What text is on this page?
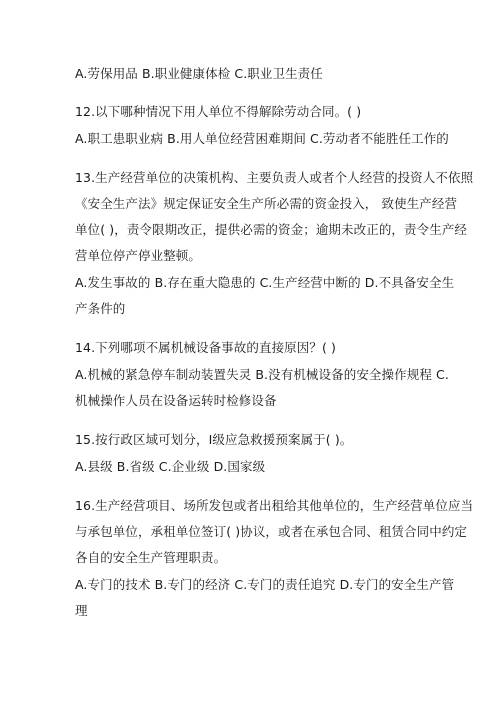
A.劳保用品 B.职业健康体检 C.职业卫生责任
12.以下哪种情况下用人单位不得解除劳动合同。( )
A.职工患职业病 B.用人单位经营困难期间 C.劳动者不能胜任工作的
13.生产经营单位的决策机构、主要负责人或者个人经营的投资人不依照
《安全生产法》规定保证安全生产所必需的资金投入， 致使生产经营
单位( )，责令限期改正，提供必需的资金；逾期未改正的，责令生产经
营单位停产停业整顿。
A.发生事故的 B.存在重大隐患的 C.生产经营中断的 D.不具备安全生
产条件的
14.下列哪项不属机械设备事故的直接原因？( )
A.机械的紧急停车制动装置失灵 B.没有机械设备的安全操作规程 C.
机械操作人员在设备运转时检修设备
15.按行政区域可划分，Ⅰ级应急救援预案属于( )。
A.县级 B.省级 C.企业级 D.国家级
16.生产经营项目、场所发包或者出租给其他单位的，生产经营单位应当
与承包单位，承租单位签订( )协议，或者在承包合同、租赁合同中约定
各自的安全生产管理职责。
A.专门的技术 B.专门的经济 C.专门的责任追究 D.专门的安全生产管
理
